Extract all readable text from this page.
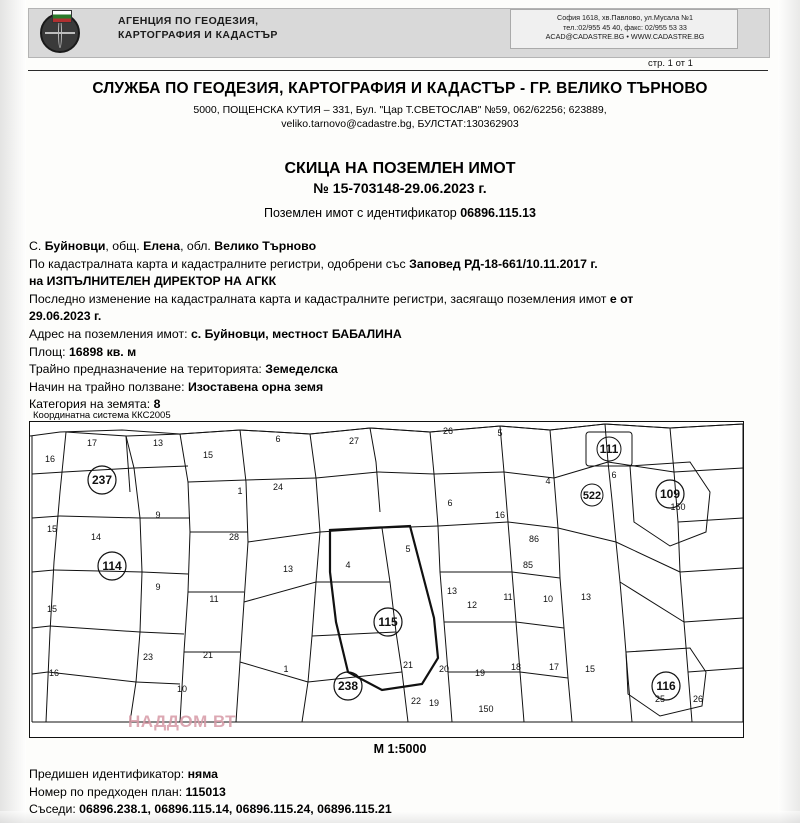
АГЕНЦИЯ ПО ГЕОДЕЗИЯ,
КАРТОГРАФИЯ И КАДАСТЪР
София 1618, хв.Павлово, ул.Мусала №1
тел.:02/955 45 40, факс: 02/955 53 33
ACAD@CADASTRE.BG • WWW.CADASTRE.BG
стр. 1 от 1
СЛУЖБА ПО ГЕОДЕЗИЯ, КАРТОГРАФИЯ И КАДАСТЪР - ГР. ВЕЛИКО ТЪРНОВО
5000, ПОЩЕНСКА КУТИЯ – 331, Бул. "Цар Т.СВЕТОСЛАВ" №59, 062/62256; 623889,
veliko.tarnovo@cadastre.bg, БУЛСТАТ:130362903
СКИЦА НА ПОЗЕМЛЕН ИМОТ
№ 15-703148-29.06.2023 г.
Поземлен имот с идентификатор 06896.115.13
С. Буйновци, общ. Елена, обл. Велико Търново
По кадастралната карта и кадастралните регистри, одобрени със Заповед РД-18-661/10.11.2017 г.
на ИЗПЪЛНИТЕЛЕН ДИРЕКТОР НА АГКК
Последно изменение на кадастралната карта и кадастралните регистри, засягащо поземления имот е от
29.06.2023 г.
Адрес на поземления имот: с. Буйновци, местност БАБАЛИНА
Площ: 16898 кв. м
Трайно предназначение на територията: Земеделска
Начин на трайно ползване: Изоставена орна земя
Категория на земята: 8
Координатна система ККС2005
17
16
13
15
6	27
26	5
14
15
9
1	24
28
9
11
13	4
5
16
86
85
13
11	10	13
12
15
16
23	21
10
1	21	20	19
18	17	15
22 19
150
25	26
150
6
4
6
237
114
238
115
111
522	109
116
НАДДОМ ВТ
М 1:5000
Предишен идентификатор: няма
Номер по предходен план: 115013
Съседи: 06896.238.1, 06896.115.14, 06896.115.24, 06896.115.21
